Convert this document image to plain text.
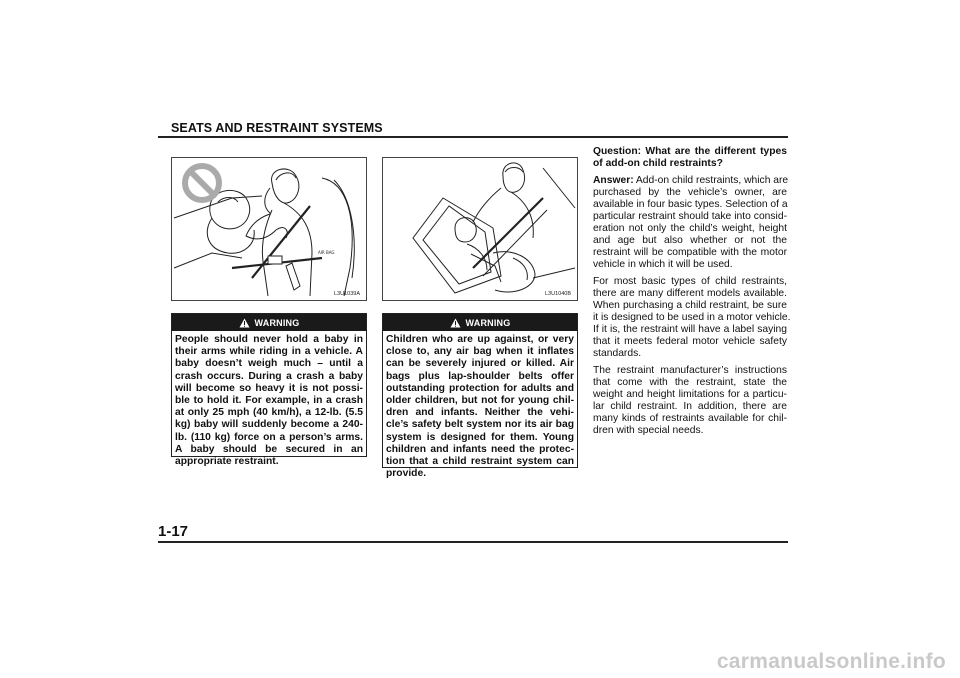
SEATS AND RESTRAINT SYSTEMS
AIR BAG
L3U1039A	L3U1040B
WARNING
People should never hold a baby in
their arms while riding in a vehicle. A
baby doesn’t weigh much – until a
crash occurs. During a crash a baby
will become so heavy it is not possi-
ble to hold it. For example, in a crash
at only 25 mph (40 km/h), a 12-lb. (5.5
kg) baby will suddenly become a 240-
lb. (110 kg) force on a person’s arms.
A baby should be secured in an
appropriate restraint.
WARNING
Children who are up against, or very
close to, any air bag when it inflates
can be severely injured or killed. Air
bags plus lap-shoulder belts offer
outstanding protection for adults and
older children, but not for young chil-
dren and infants. Neither the vehi-
cle’s safety belt system nor its air bag
system is designed for them. Young
children and infants need the protec-
tion that a child restraint system can
provide.

Question: What are the different types
of add-on child restraints?

Answer: Add-on child restraints, which are
purchased by the vehicle’s owner, are
available in four basic types. Selection of a
particular restraint should take into consid-
eration not only the child’s weight, height
and age but also whether or not the
restraint will be compatible with the motor
vehicle in which it will be used.

For most basic types of child restraints,
there are many different models available.
When purchasing a child restraint, be sure
it is designed to be used in a motor vehicle.
If it is, the restraint will have a label saying
that it meets federal motor vehicle safety
standards.

The restraint manufacturer’s instructions
that come with the restraint, state the
weight and height limitations for a particu-
lar child restraint. In addition, there are
many kinds of restraints available for chil-
dren with special needs.

1-17
carmanualsonline.info
